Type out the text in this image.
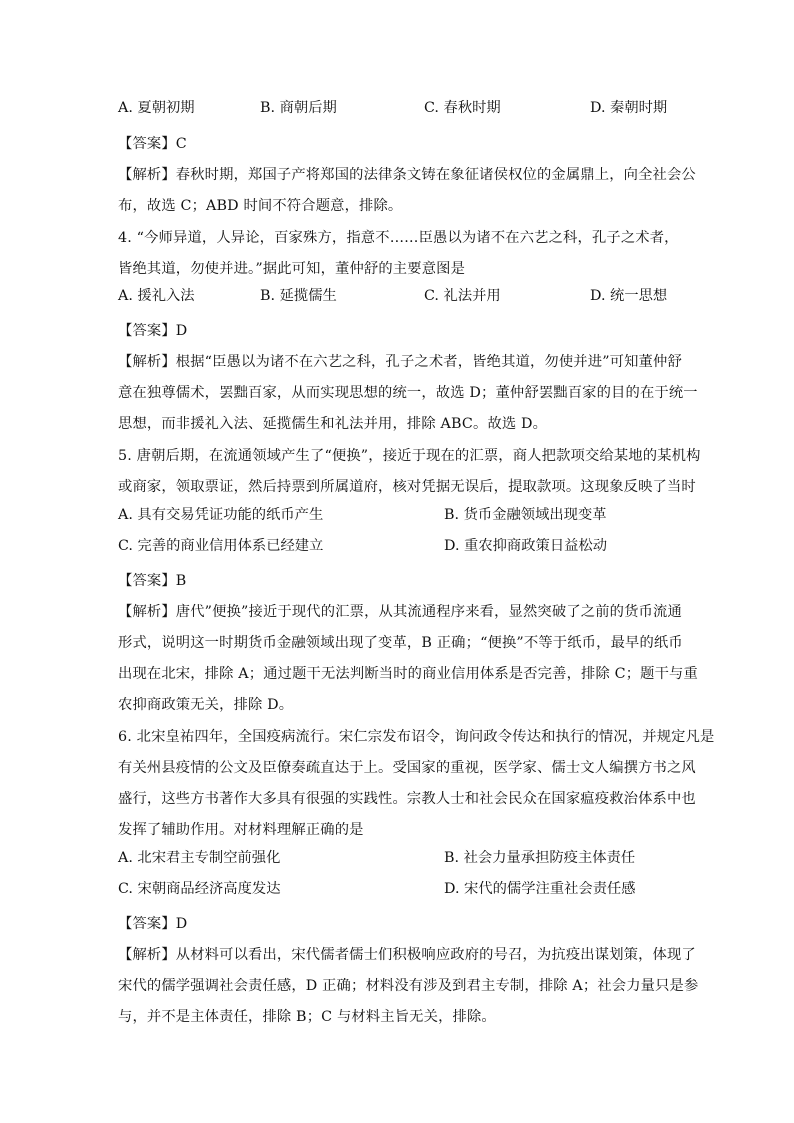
A. 夏朝初期	B. 商朝后期	C. 春秋时期	D. 秦朝时期
【答案】C
【解析】春秋时期，郑国子产将郑国的法律条文铸在象征诸侯权位的金属鼎上，向全社会公
布，故选 C；ABD 时间不符合题意，排除。
4. “今师异道，人异论，百家殊方，指意不……臣愚以为诸不在六艺之科，孔子之术者，
皆绝其道，勿使并进。”据此可知，董仲舒的主要意图是
A. 援礼入法	B. 延揽儒生	C. 礼法并用	D. 统一思想
【答案】D
【解析】根据“臣愚以为诸不在六艺之科，孔子之术者，皆绝其道，勿使并进”可知董仲舒
意在独尊儒术，罢黜百家，从而实现思想的统一，故选 D；董仲舒罢黜百家的目的在于统一
思想，而非援礼入法、延揽儒生和礼法并用，排除 ABC。故选 D。
5. 唐朝后期，在流通领域产生了“便换”，接近于现在的汇票，商人把款项交给某地的某机构
或商家，领取票证，然后持票到所属道府，核对凭据无误后，提取款项。这现象反映了当时
A. 具有交易凭证功能的纸币产生	B. 货币金融领域出现变革
C. 完善的商业信用体系已经建立	D. 重农抑商政策日益松动
【答案】B
【解析】唐代”便换”接近于现代的汇票，从其流通程序来看，显然突破了之前的货币流通
形式，说明这一时期货币金融领域出现了变革，B 正确；“便换”不等于纸币，最早的纸币
出现在北宋，排除 A；通过题干无法判断当时的商业信用体系是否完善，排除 C；题干与重
农抑商政策无关，排除 D。
6. 北宋皇祐四年，全国疫病流行。宋仁宗发布诏令，询问政令传达和执行的情况，并规定凡是
有关州县疫情的公文及臣僚奏疏直达于上。受国家的重视，医学家、儒士文人编撰方书之风
盛行，这些方书著作大多具有很强的实践性。宗教人士和社会民众在国家瘟疫救治体系中也
发挥了辅助作用。对材料理解正确的是
A. 北宋君主专制空前强化	B. 社会力量承担防疫主体责任
C. 宋朝商品经济高度发达	D. 宋代的儒学注重社会责任感
【答案】D
【解析】从材料可以看出，宋代儒者儒士们积极响应政府的号召，为抗疫出谋划策，体现了
宋代的儒学强调社会责任感，D 正确；材料没有涉及到君主专制，排除 A；社会力量只是参
与，并不是主体责任，排除 B；C 与材料主旨无关，排除。
